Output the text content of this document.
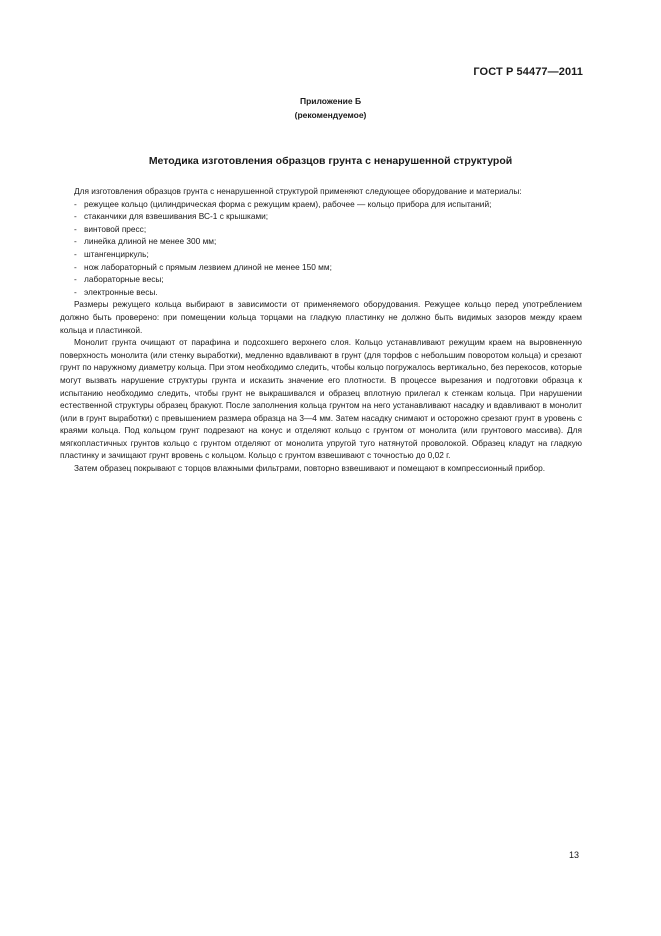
ГОСТ Р 54477—2011
Приложение Б
(рекомендуемое)
Методика изготовления образцов грунта с ненарушенной структурой

Для изготовления образцов грунта с ненарушенной структурой применяют следующее оборудование и материалы:

- режущее кольцо (цилиндрическая форма с режущим краем), рабочее — кольцо прибора для испытаний;
- стаканчики для взвешивания ВС-1 с крышками;
- винтовой пресс;
- линейка длиной не менее 300 мм;
- штангенциркуль;
- нож лабораторный с прямым лезвием длиной не менее 150 мм;
- лабораторные весы;
- электронные весы.

Размеры режущего кольца выбирают в зависимости от применяемого оборудования. Режущее кольцо перед употреблением должно быть проверено: при помещении кольца торцами на гладкую пластинку не должно быть видимых зазоров между краем кольца и пластинкой.

Монолит грунта очищают от парафина и подсохшего верхнего слоя. Кольцо устанавливают режущим краем на выровненную поверхность монолита (или стенку выработки), медленно вдавливают в грунт (для торфов с небольшим поворотом кольца) и срезают грунт по наружному диаметру кольца. При этом необходимо следить, чтобы кольцо погружалось вертикально, без перекосов, которые могут вызвать нарушение структуры грунта и исказить значение его плотности. В процессе вырезания и подготовки образца к испытанию необходимо следить, чтобы грунт не выкрашивался и образец вплотную прилегал к стенкам кольца. При нарушении естественной структуры образец бракуют. После заполнения кольца грунтом на него устанавливают насадку и вдавливают в монолит (или в грунт выработки) с превышением размера образца на 3—4 мм. Затем насадку снимают и осторожно срезают грунт в уровень с краями кольца. Под кольцом грунт подрезают на конус и отделяют кольцо с грунтом от монолита (или грунтового массива). Для мягкопластичных грунтов кольцо с грунтом отделяют от монолита упругой туго натянутой проволокой. Образец кладут на гладкую пластинку и зачищают грунт вровень с кольцом. Кольцо с грунтом взвешивают с точностью до 0,02 г.

Затем образец покрывают с торцов влажными фильтрами, повторно взвешивают и помещают в компрессионный прибор.

13
